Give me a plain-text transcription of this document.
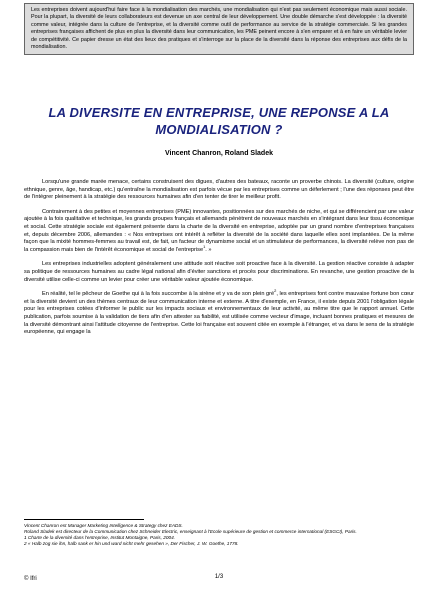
Les entreprises doivent aujourd'hui faire face à la mondialisation des marchés, une mondialisation qui n'est pas seulement économique mais aussi sociale. Pour la plupart, la diversité de leurs collaborateurs est devenue un axe central de leur développement. Une double démarche s'est développée : la diversité comme valeur, intégrée dans la culture de l'entreprise, et la diversité comme outil de performance au service de la stratégie commerciale. Si les grandes entreprises françaises affichent de plus en plus la diversité dans leur communication, les PME peinent encore à s'en emparer et à en faire un véritable levier de compétitivité. Ce papier dresse un état des lieux des pratiques et s'interroge sur la place de la diversité dans la réponse des entreprises aux défis de la mondialisation.
LA DIVERSITE EN ENTREPRISE, UNE REPONSE A LA MONDIALISATION ?
Vincent Chanron, Roland Sladek

Lorsqu'une grande marée menace, certains construisent des digues, d'autres des bateaux, raconte un proverbe chinois. La diversité (culture, origine ethnique, genre, âge, handicap, etc.) qu'entraîne la mondialisation est parfois vécue par les entreprises comme un déferlement ; l'une des réponses peut être de l'intégrer pleinement à la stratégie des ressources humaines afin d'en tenter de tirer le meilleur profit.

Contrairement à des petites et moyennes entreprises (PME) innovantes, positionnées sur des marchés de niche, et qui se différencient par une valeur ajoutée à la fois qualitative et technique, les grands groupes français et allemands pénètrent de nouveaux marchés en s'intégrant dans leur tissu économique et social. Cette stratégie sociale est également présente dans la charte de la diversité en entreprise, adoptée par un grand nombre d'entreprises françaises et, depuis décembre 2006, allemandes : « Nos entreprises ont intérêt à refléter la diversité de la société dans laquelle elles sont implantées. De la même façon que la mixité hommes-femmes au travail est, de fait, un facteur de dynamisme social et un stimulateur de performances, la diversité relève non pas de la compassion mais bien de l'intérêt économique et social de l'entreprise$^1$. »

Les entreprises industrielles adoptent généralement une attitude soit réactive soit proactive face à la diversité. La gestion réactive consiste à adapter sa politique de ressources humaines au cadre légal national afin d'éviter sanctions et procès pour discriminations. En revanche, une gestion proactive de la diversité utilise celle-ci comme un levier pour créer une véritable valeur ajoutée économique.

En réalité, tel le pêcheur de Goethe qui à la fois succombe à la sirène et y va de son plein gré$^2$, les entreprises font contre mauvaise fortune bon cœur et la diversité devient un des thèmes centraux de leur communication interne et externe. A titre d'exemple, en France, il existe depuis 2001 l'obligation légale pour les entreprises cotées d'informer le public sur les impacts sociaux et environnementaux de leur activité, au même titre que le rapport annuel. Cette publication, parfois soumise à la validation de tiers afin d'en attester sa fiabilité, est utilisée comme vecteur d'image, incluant bonnes pratiques et mesures de la diversité démontrant ainsi l'attitude citoyenne de l'entreprise. Cette loi française est souvent citée en exemple à l'étranger, et va dans le sens de la stratégie européenne, qui engage la

Vincent Chanron est Manager Marketing Intelligence & Strategy chez EADS.
Roland Sladek est directeur de la Communication chez Schneider Electric, enseignant à l'Ecole supérieure de gestion et commerce international (ESGCI), Paris.
1 Charte de la diversité dans l'entreprise, Institut Montaigne, Paris, 2004.
2 « Halb zog sie ihn, halb sank er hin und ward nicht mehr gesehen », Der Fischer, J. W. Goethe, 1778.
© Ifri	1/3
